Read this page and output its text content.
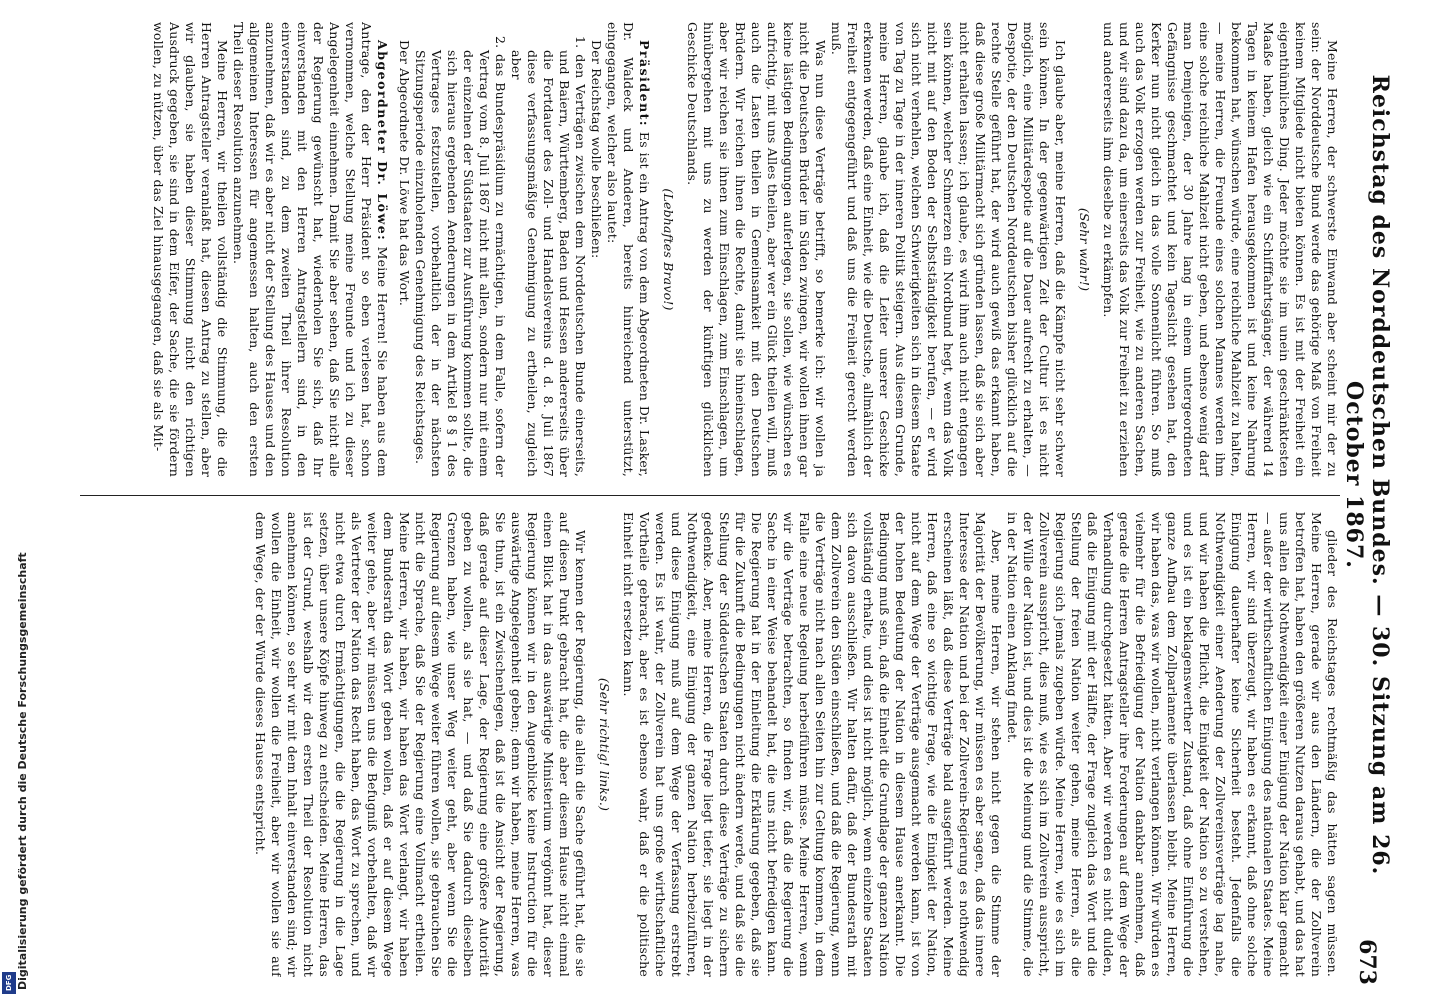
Digitalisierung gefördert durch die Deutsche Forschungsgemeinschaft
DFG
Reichstag des Norddeutschen Bundes. — 30. Sitzung am 26. October 1867.
673

Meine Herren, der schwerste Einwand aber scheint mir der zu sein: der Norddeutsche Bund werde das gehörige Maß von Freiheit keinem Mitgliede nicht bieten können. Es ist mit der Freiheit ein eigenthümliches Ding. Jeder möchte sie im unein geschränktesten Maaße haben, gleich wie ein Schifffahrtsgänger, der während 14 Tagen in keinem Hafen herausgekommen ist und keine Nahrung bekommen hat, wünschen würde, eine reichliche Mahlzeit zu halten, — meine Herren, die Freunde eines solchen Mannes werden ihm eine solche reichliche Mahlzeit nicht geben, und ebenso wenig darf man Demjenigen, der 30 Jahre lang in einem untergeordneten Gefängnisse geschmachtet und kein Tageslicht gesehen hat, den Kerker nun nicht gleich in das volle Sonnenlicht führen. So muß auch das Volk erzogen werden zur Freiheit, wie zu anderen Sachen, und wir sind dazu da, um einerseits das Volk zur Freiheit zu erziehen und andererseits ihm dieselbe zu erkämpfen.

(Sehr wahr!)

Ich glaube aber, meine Herren, daß die Kämpfe nicht sehr schwer sein können. In der gegenwärtigen Zeit der Cultur ist es nicht möglich, eine Militärdespotie auf die Dauer aufrecht zu erhalten, — Despotie, der den Deutschen Norddeutschen bisher glücklich auf die rechte Stelle geführt hat, der wird auch gewiß das erkannt haben, daß diese große Militärmacht sich gründen lassen, daß sie sich aber nicht erhalten lassen; ich glaube, es wird ihm auch nicht entgangen sein können, welcher Schmerzen ein Nordbund hegt, wenn das Volk nicht mit auf den Boden der Selbstständigkeit berufen, — er wird sich nicht verhehlen, welchen Schwierigkeiten sich in diesem Staate von Tag zu Tage in der inneren Politik steigern. Aus diesem Grunde, meine Herren, glaube ich, daß die Leiter unserer Geschicke erkennen werden, daß eine Einheit, wie die Deutsche, allmählich der Freiheit entgegengeführt und daß uns die Freiheit gerecht werden muß.

Was nun diese Verträge betrifft, so bemerke ich: wir wollen ja nicht die Deutschen Brüder im Süden zwingen, wir wollen ihnen gar keine lästigen Bedingungen auferlegen, sie sollen, wie wünschen es aufrichtig, mit uns Alles theilen, aber wer ein Glück theilen will, muß auch die Lasten theilen in Gemeinsamkeit mit den Deutschen Brüdern. Wir reichen ihnen die Rechte, damit sie hineinschlagen, aber wir reichen sie ihnen zum Einschlagen, zum Einschlagen, um hinübergehen mit uns zu werden der künftigen glücklichen Geschicke Deutschlands.

(Lebhaftes Bravo!)

Präsident: Es ist ein Antrag von dem Abgeordneten Dr. Lasker, Dr. Waldeck und Anderen, bereits hinreichend unterstützt, eingegangen, welcher also lautet:

Der Reichstag wolle beschließen:

1. den Verträgen zwischen dem Norddeutschen Bunde einerseits, und Baiern, Württemberg, Baden und Hessen andererseits über die Fortdauer des Zoll- und Handelsvereins d. d. 8. Juli 1867 diese verfassungsmäßige Genehmigung zu ertheilen, zugleich aber

2. das Bundespräsidium zu ermächtigen, in dem Falle, sofern der Vertrag vom 8. Juli 1867 nicht mit allen, sondern nur mit einem der einzelnen der Südstaaten zur Ausführung kommen sollte, die sich hieraus ergebenden Aenderungen in dem Artikel 8 § 1 des Vertrages festzustellen, vorbehaltlich der in der nächsten Sitzungsperiode einzuholenden Genehmigung des Reichstages.

Der Abgeordnete Dr. Löwe hat das Wort.

Abgeordneter Dr. Löwe: Meine Herren! Sie haben aus dem Antrage, den der Herr Präsident so eben verlesen hat, schon vernommen, welche Stellung meine Freunde und ich zu dieser Angelegenheit einnehmen. Damit Sie aber sehen, daß Sie nicht alle der Regierung gewünscht hat, wiederholen Sie sich, daß Ihr einverstanden mit den Herren Antragstellern sind, in den einverstanden sind, zu dem zweiten Theil ihrer Resolution anzunehmen, daß wir es aber nicht der Stellung des Hauses und den allgemeinen Interessen für angemessen halten, auch den ersten Theil dieser Resolution anzunehmen.

Meine Herren, wir theilen vollständig die Stimmung, die die Herren Antragsteller veranlaßt hat, diesen Antrag zu stellen, aber wir glauben, sie haben dieser Stimmung nicht den richtigen Ausdruck gegeben, sie sind in dem Eifer, der Sache, die sie fördern wollen, zu nützen, über das Ziel hinausgegangen, daß sie als Mit-

glieder des Reichstages rechtmäßig das hätten sagen müssen. Meine Herren, gerade wir aus den Ländern, die der Zollverein betroffen hat, haben den größeren Nutzen daraus gehabt, und das hat uns allen die Nothwendigkeit einer Einigung der Nation klar gemacht — außer der wirthschaftlichen Einigung des nationalen Staates. Meine Herren, wir sind überzeugt, wir haben es erkannt, daß ohne solche Einigung dauerhafter keine Sicherheit besteht. Jedenfalls die Nothwendigkeit einer Aenderung der Zollvereinsverträge lag nahe, und wir haben die Pflicht, die Einigkeit der Nation so zu verstehen, und es ist ein beklagenswerther Zustand, daß ohne Einführung die ganze Aufbau dem Zollparlamente überlassen bleibt. Meine Herren, wir haben das, was wir wollen, nicht verlangen können. Wir würden es vielmehr für die Befriedigung der Nation dankbar annehmen, daß gerade die Herren Antragsteller ihre Forderungen auf dem Wege der Verhandlung durchgesetzt hätten. Aber wir werden es nicht dulden, daß die Einigung mit der Hälfte, der Frage zugleich das Wort und die Stellung der freien Nation weiter gehen, meine Herren, als die Regierung sich jemals zugeben würde. Meine Herren, wie es sich im Zollverein ausspricht, dies muß, wie es sich im Zollverein ausspricht, der Wille der Nation ist, und dies ist die Meinung und die Stimme, die in der Nation einen Anklang findet.

Aber, meine Herren, wir stehen nicht gegen die Stimme der Majorität der Bevölkerung, wir müssen es aber sagen, daß das innere Interesse der Nation und bei der Zollverein-Regierung es nothwendig erscheinen läßt, daß diese Verträge bald ausgeführt werden. Meine Herren, daß eine so wichtige Frage, wie die Einigkeit der Nation, nicht auf dem Wege der Verträge ausgemacht werden kann, ist von der hohen Bedeutung der Nation in diesem Hause anerkannt. Die Bedingung muß sein, daß die Einheit die Grundlage der ganzen Nation vollständig erhalte, und dies ist nicht möglich, wenn einzelne Staaten sich davon ausschließen. Wir halten dafür, daß der Bundesrath mit dem Zollverein den Süden einschließen, und daß die Regierung, wenn die Verträge nicht nach allen Seiten hin zur Geltung kommen, in dem Falle eine neue Regelung herbeiführen müsse. Meine Herren, wenn wir die Verträge betrachten, so finden wir, daß die Regierung die Sache in einer Weise behandelt hat, die uns nicht befriedigen kann. Die Regierung hat in der Einleitung die Erklärung gegeben, daß sie für die Zukunft die Bedingungen nicht ändern werde, und daß sie die Stellung der Süddeutschen Staaten durch diese Verträge zu sichern gedenke. Aber, meine Herren, die Frage liegt tiefer, sie liegt in der Nothwendigkeit, eine Einigung der ganzen Nation herbeizuführen, und diese Einigung muß auf dem Wege der Verfassung erstrebt werden. Es ist wahr, der Zollverein hat uns große wirthschaftliche Vortheile gebracht, aber es ist ebenso wahr, daß er die politische Einheit nicht ersetzen kann.

(Sehr richtig! links.)

Wir kennen der Regierung, die allein die Sache geführt hat, die sie auf diesen Punkt gebracht hat, die aber diesem Hause nicht einmal einen Blick hat in das auswärtige Ministerium vergönnt hat, dieser Regierung können wir in den Augenblicke keine Instruction für die auswärtige Angelegenheit geben; denn wir haben, meine Herren, was Sie thun, ist ein Zwischenlegen, daß ist die Ansicht der Regierung, daß gerade auf dieser Lage, der Regierung eine größere Autorität geben zu wollen, als sie hat, — und daß Sie dadurch dieselben Grenzen haben, wie unser Weg weiter geht, aber wenn Sie die Regierung auf diesem Wege weiter führen wollen, sie gebrauchen Sie nicht die Sprache, daß Sie der Regierung eine Vollmacht ertheilen. Meine Herren, wir haben, wir haben das Wort verlangt, wir haben dem Bundesrath das Wort geben wollen, daß er auf diesem Wege weiter gehe, aber wir müssen uns die Befugniß vorbehalten, daß wir als Vertreter der Nation das Recht haben, das Wort zu sprechen, und nicht etwa durch Ermächtigungen, die die Regierung in die Lage setzen, über unsere Köpfe hinweg zu entscheiden. Meine Herren, das ist der Grund, weshalb wir den ersten Theil der Resolution nicht annehmen können, so sehr wir mit dem Inhalt einverstanden sind; wir wollen die Einheit, wir wollen die Freiheit, aber wir wollen sie auf dem Wege, der der Würde dieses Hauses entspricht.
